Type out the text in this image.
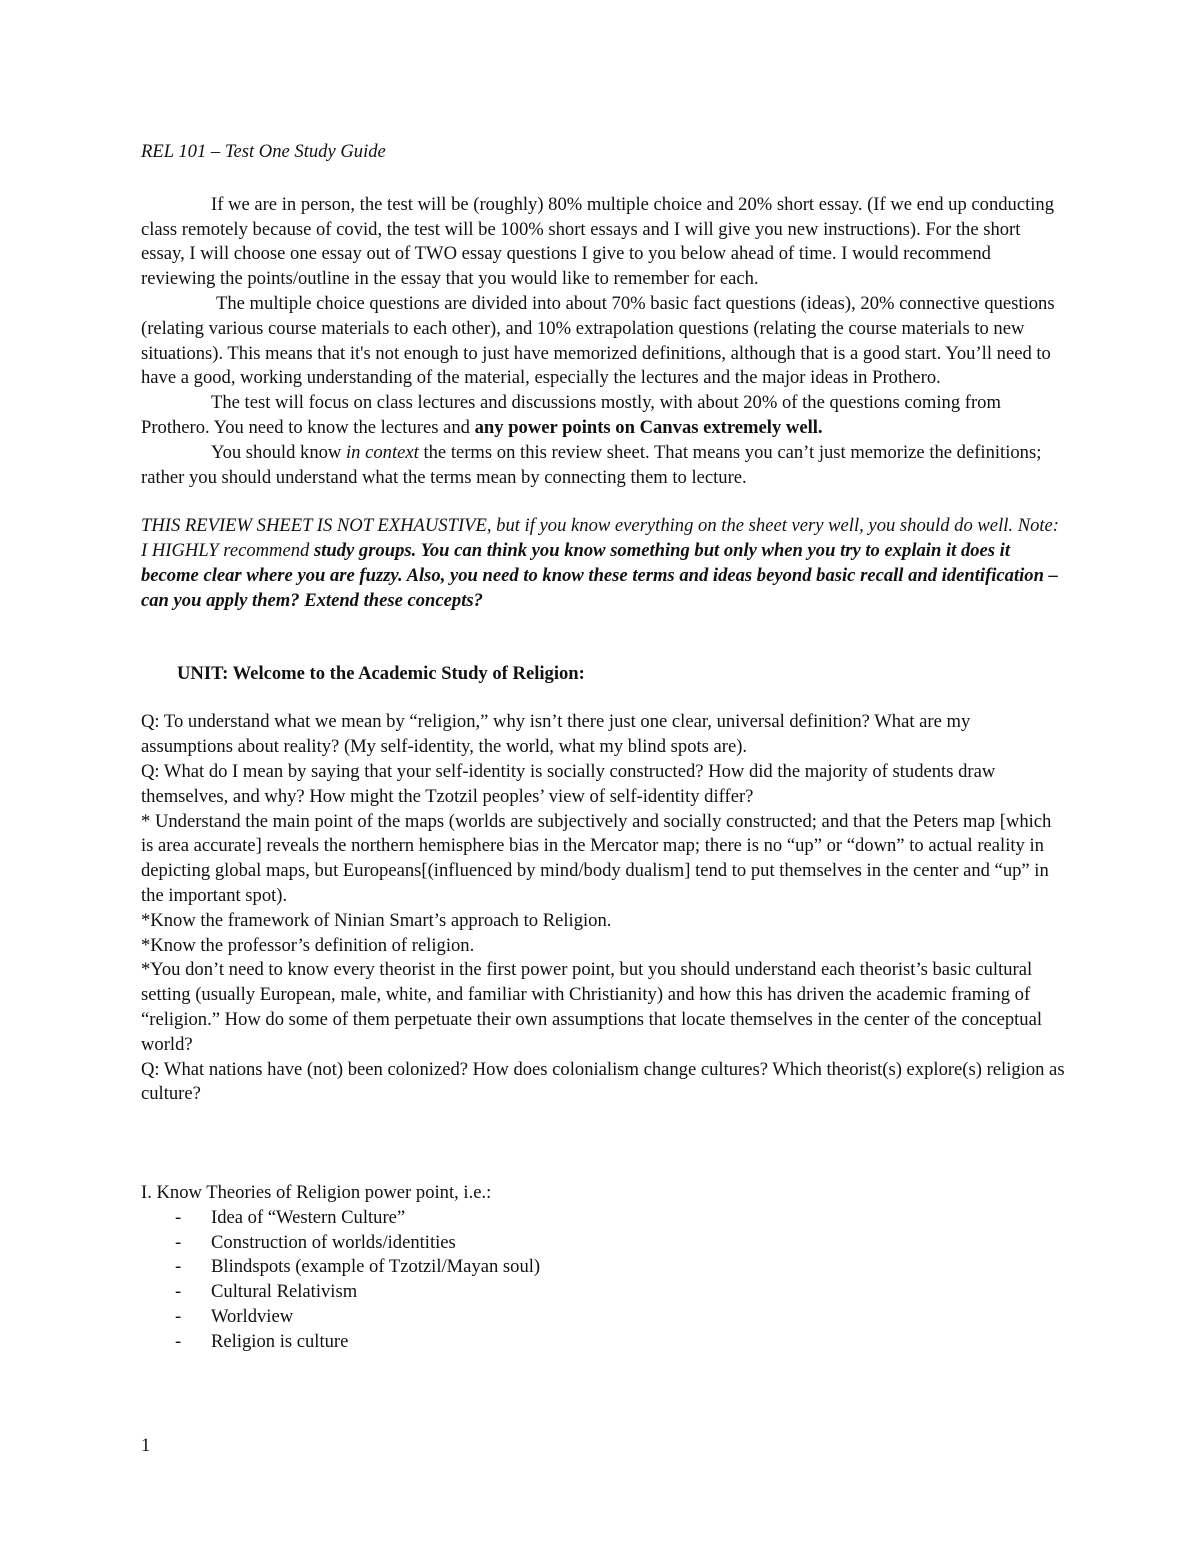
REL 101 – Test One Study Guide

If we are in person, the test will be (roughly) 80% multiple choice and 20% short essay. (If we end up conducting class remotely because of covid, the test will be 100% short essays and I will give you new instructions). For the short essay, I will choose one essay out of TWO essay questions I give to you below ahead of time. I would recommend reviewing the points/outline in the essay that you would like to remember for each.

The multiple choice questions are divided into about 70% basic fact questions (ideas), 20% connective questions (relating various course materials to each other), and 10% extrapolation questions (relating the course materials to new situations). This means that it's not enough to just have memorized definitions, although that is a good start. You’ll need to have a good, working understanding of the material, especially the lectures and the major ideas in Prothero.

The test will focus on class lectures and discussions mostly, with about 20% of the questions coming from Prothero. You need to know the lectures and any power points on Canvas extremely well.

You should know in context the terms on this review sheet. That means you can’t just memorize the definitions; rather you should understand what the terms mean by connecting them to lecture.

THIS REVIEW SHEET IS NOT EXHAUSTIVE, but if you know everything on the sheet very well, you should do well. Note: I HIGHLY recommend study groups. You can think you know something but only when you try to explain it does it become clear where you are fuzzy. Also, you need to know these terms and ideas beyond basic recall and identification – can you apply them? Extend these concepts?

UNIT: Welcome to the Academic Study of Religion:

Q: To understand what we mean by “religion,” why isn’t there just one clear, universal definition? What are my assumptions about reality? (My self-identity, the world, what my blind spots are).

Q: What do I mean by saying that your self-identity is socially constructed? How did the majority of students draw themselves, and why? How might the Tzotzil peoples’ view of self-identity differ?

* Understand the main point of the maps (worlds are subjectively and socially constructed; and that the Peters map [which is area accurate] reveals the northern hemisphere bias in the Mercator map; there is no “up” or “down” to actual reality in depicting global maps, but Europeans[(influenced by mind/body dualism] tend to put themselves in the center and “up” in the important spot).

*Know the framework of Ninian Smart’s approach to Religion.

*Know the professor’s definition of religion.

*You don’t need to know every theorist in the first power point, but you should understand each theorist’s basic cultural setting (usually European, male, white, and familiar with Christianity) and how this has driven the academic framing of “religion.” How do some of them perpetuate their own assumptions that locate themselves in the center of the conceptual world?

Q: What nations have (not) been colonized? How does colonialism change cultures? Which theorist(s) explore(s) religion as culture?

I. Know Theories of Religion power point, i.e.:

- Idea of “Western Culture”
- Construction of worlds/identities
- Blindspots (example of Tzotzil/Mayan soul)
- Cultural Relativism
- Worldview
- Religion is culture
1
